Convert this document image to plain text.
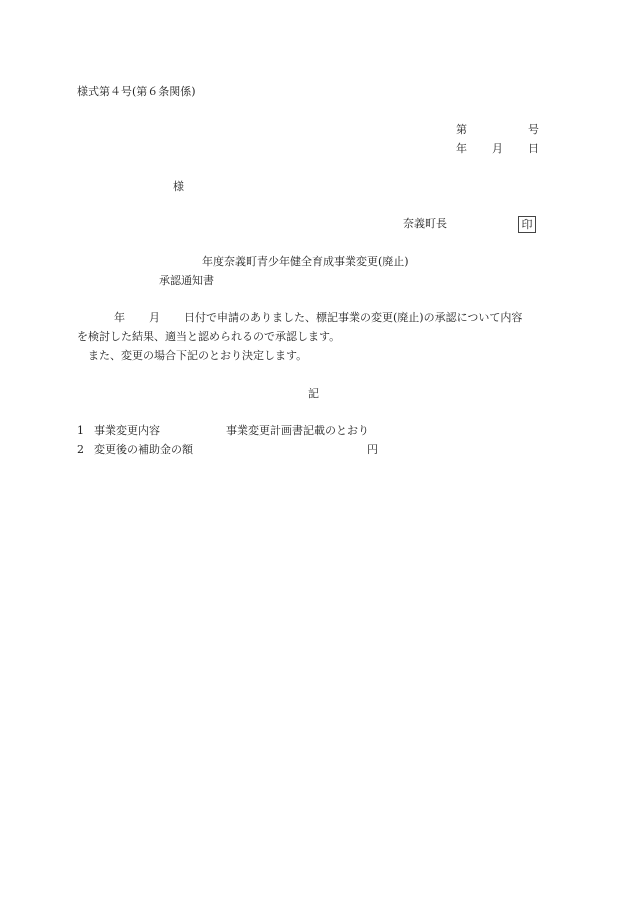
様式第４号(第６条関係)
第	号
年 月 日
様
奈義町長	印
年度奈義町青少年健全育成事業変更(廃止)
承認通知書
年 月 日付で申請のありました、標記事業の変更(廃止)の承認について内容
を検討した結果、適当と認められるので承認します。
また、変更の場合下記のとおり決定します。
記
1 事業変更内容	事業変更計画書記載のとおり
2 変更後の補助金の額	円
